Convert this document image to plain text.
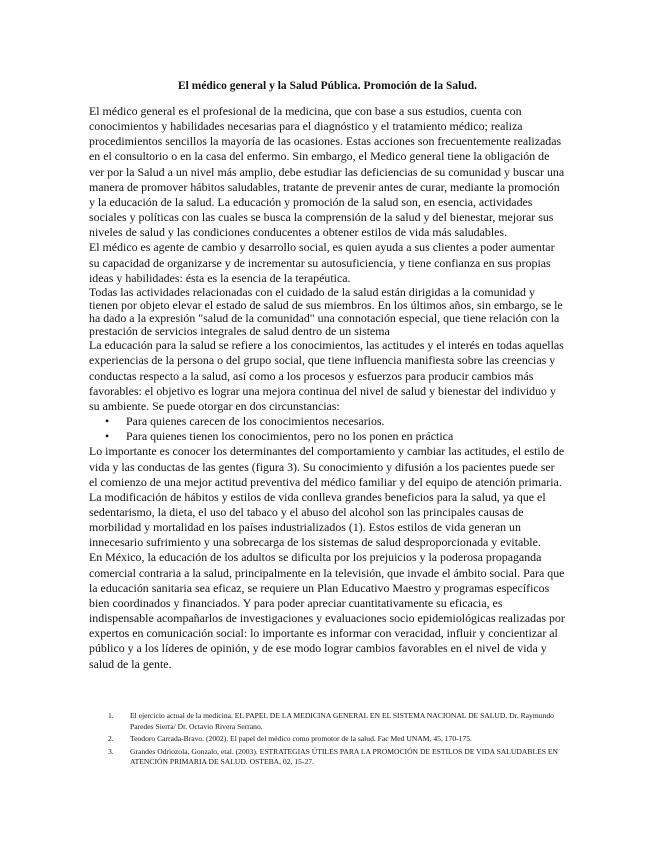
El médico general y la Salud Pública. Promoción de la Salud.

El médico general es el profesional de la medicina, que con base a sus estudios, cuenta con conocimientos y habilidades necesarias para el diagnóstico y el tratamiento médico; realiza procedimientos sencillos la mayoría de las ocasiones. Estas acciones son frecuentemente realizadas en el consultorio o en la casa del enfermo. Sin embargo, el Medico general tiene la obligación de ver por la Salud a un nivel más amplio, debe estudiar las deficiencias de su comunidad y buscar una manera de promover hábitos saludables, tratante de prevenir antes de curar, mediante la promoción y la educación de la salud. La educación y promoción de la salud son, en esencia, actividades sociales y políticas con las cuales se busca la comprensión de la salud y del bienestar, mejorar sus niveles de salud y las condiciones conducentes a obtener estilos de vida más saludables.

El médico es agente de cambio y desarrollo social, es quien ayuda a sus clientes a poder aumentar su capacidad de organizarse y de incrementar su autosuficiencia, y tiene confianza en sus propias ideas y habilidades: ésta es la esencia de la terapéutica.

Todas las actividades relacionadas con el cuidado de la salud están dirigidas a la comunidad y tienen por objeto elevar el estado de salud de sus miembros. En los últimos años, sin embargo, se le ha dado a la expresión "salud de la comunidad" una connotación especial, que tiene relación con la prestación de servicios integrales de salud dentro de un sistema

La educación para la salud se refiere a los conocimientos, las actitudes y el interés en todas aquellas experiencias de la persona o del grupo social, que tiene influencia manifiesta sobre las creencias y conductas respecto a la salud, así como a los procesos y esfuerzos para producir cambios más favorables: el objetivo es lograr una mejora continua del nivel de salud y bienestar del individuo y su ambiente. Se puede otorgar en dos circunstancias:

• Para quienes carecen de los conocimientos necesarios.
• Para quienes tienen los conocimientos, pero no los ponen en práctica

Lo importante es conocer los determinantes del comportamiento y cambiar las actitudes, el estilo de vida y las conductas de las gentes (figura 3). Su conocimiento y difusión a los pacientes puede ser el comienzo de una mejor actitud preventiva del médico familiar y del equipo de atención primaria.

La modificación de hábitos y estilos de vida conlleva grandes beneficios para la salud, ya que el sedentarismo, la dieta, el uso del tabaco y el abuso del alcohol son las principales causas de morbilidad y mortalidad en los países industrializados (1). Estos estilos de vida generan un innecesario sufrimiento y una sobrecarga de los sistemas de salud desproporcionada y evitable.

En México, la educación de los adultos se dificulta por los prejuicios y la poderosa propaganda comercial contraria a la salud, principalmente en la televisión, que invade el ámbito social. Para que la educación sanitaria sea eficaz, se requiere un Plan Educativo Maestro y programas específicos bien coordinados y financiados. Y para poder apreciar cuantitativamente su eficacia, es indispensable acompañarlos de investigaciones y evaluaciones socio epidemiológicas realizadas por expertos en comunicación social: lo importante es informar con veracidad, influir y concientizar al público y a los líderes de opinión, y de ese modo lograr cambios favorables en el nivel de vida y salud de la gente.

1. El ejercicio actual de la medicina. EL PAPEL DE LA MEDICINA GENERAL EN EL SISTEMA NACIONAL DE SALUD. Dr. Raymundo Paredes Sierra/ Dr. Octavio Rivera Serrano.
2. Teodoro Carrada-Bravo. (2002). El papel del médico como promotor de la salud. Fac Med UNAM, 45, 170-175.
3. Grandes Odriozola, Gonzalo, etal. (2003). ESTRATEGIAS ÚTILES PARA LA PROMOCIÓN DE ESTILOS DE VIDA SALUDABLES EN ATENCIÓN PRIMARIA DE SALUD. OSTEBA, 02, 15-27.
